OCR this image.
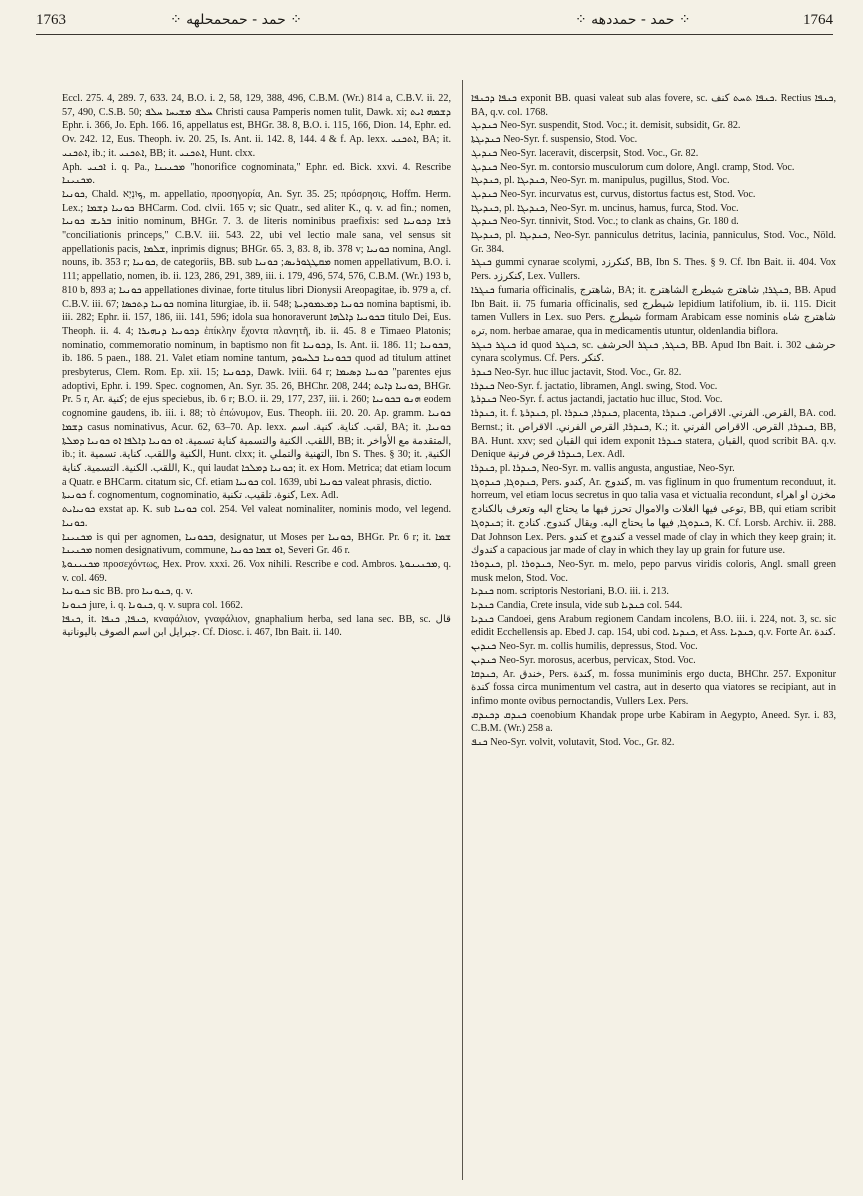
1763	⁘ حمد - حمحمحلهه ⁘	⁘ حمد - حمددهه ⁘	1764

Eccl. 275. 4, 289. 7, 633. 24, B.O. i. 2, 58, 129, 388, 496, C.B.M. (Wr.) 814 a, C.B.V. ii. 22, 57, 490, C.S.B. 50; ܚܠܦ ܡܫܝܚܐ ܚܠܦ Christi causa Pamperis nomen tulit, Dawk. xi; ܕܫܡܗ ܐܝܬ Ephr. i. 366, Jo. Eph. 166. 16, appellatus est, BHGr. 38. 8, B.O. i. 115, 166, Dion. 14, Ephr. ed. Ov. 242. 12, Eus. Theoph. iv. 20. 25, Is. Ant. ii. 142. 8, 144. 4 & f. Ap. lexx. ܐܬܟܢܝ, BA; it. ܐܬܟܢܝ, ib.; it. ܐܬܟܢܝ, BB; it. ܐܬܟܢܝ, Hunt. clxx.

Aph. ܐܟܢܝ i. q. Pa., ܡܟܢܝܢܐ "honorifice cognominata," Ephr. ed. Bick. xxvi. 4. Rescribe ܡܟܢܝܢܐ.

ܟܘܢܝܐ, Chald. ܟּוּנְיָא, m. appellatio, προσηγορία, An. Syr. 35. 25; πρόσρησις, Hoffm. Herm. Lex.; ܟܘܢܝܐ ܕܫܡܐ BHCarm. Cod. clvii. 165 v; sic Quatr., sed aliter K., q. v. ad fin.; nomen, ܒܪܝܫ ܟܘܢܝܐ initio nominum, BHGr. 7. 3. de literis nominibus praefixis: sed ܪܫܐ ܕܟܘܢܝܐ "conciliationis princeps," C.B.V. iii. 543. 22, ubi vel lectio male sana, vel sensus sit appellationis pacis, ܫܠܡܐ, inprimis dignus; BHGr. 65. 3, 83. 8, ib. 378 v; ܟܘܢܝܐ nomina, Angl. nouns, ib. 353 r; ܟܘܢܝܐ, de categoriis, BB. sub ܡܩܛܓܘܪܝܣ; ܟܘܢܝܐ nomen appellativum, B.O. i. 111; appellatio, nomen, ib. ii. 123, 286, 291, 389, iii. i. 179, 496, 574, 576, C.B.M. (Wr.) 193 b, 810 b, 893 a; ܟܘܢܝܐ appellationes divinae, forte titulus libri Dionysii Areopagitae, ib. 979 a, cf. C.B.V. iii. 67; ܟܘܢܝܐ ܕܬܟܣܐ nomina liturgiae, ib. ii. 548; ܟܘܢܝܐ ܕܡܥܡܘܕܝܬܐ nomina baptismi, ib. iii. 282; Ephr. ii. 157, 186, iii. 141, 596; idola sua honoraverunt ܒܟܘܢܝܐ ܕܐܠܗܐ titulo Dei, Eus. Theoph. ii. 4. 4; ܕܟܘܢܝܐ ܕܢܗܝܪܐ ἐπίκλην ἔχοντα πλανητῆ, ib. ii. 45. 8 e Timaeo Platonis; nominatio, commemoratio nominum, in baptismo non fit ܕܟܘܢܝܐ, Is. Ant. ii. 186. 11; ܒܟܘܢܝܐ, ib. 186. 5 paen., 188. 21. Valet etiam nomine tantum, ܒܟܘܢܝܐ ܒܠܚܘܕ quod ad titulum attinet presbyterus, Clem. Rom. Ep. xii. 15; ܕܟܘܢܝܐ, Dawk. lviii. 64 r; ܟܘܢܝܐ ܕܣܝܡܐ "parentes ejus adoptivi, Ephr. i. 199. Spec. cognomen, An. Syr. 35. 26, BHChr. 208, 244; ܟܘܢܝܐ ܕܐܝܬ, BHGr. Pr. 5 r, Ar. كنية; de ejus speciebus, ib. 6 r; B.O. ii. 29, 177, 237, iii. i. 260; ܗܢܘ ܒܟܘܢܝܐ eodem cognomine gaudens, ib. iii. i. 88; τὸ ἐπώνυμον, Eus. Theoph. iii. 20. 20. Ap. gramm. ܟܘܢܝܐ ܕܫܡܐ casus nominativus, Acur. 62, 63–70. Ap. lexx. لقب. كناية. كنية. اسم, BA; it. ܟܘܢܝܐ, اللقب. الكنية والتسمية كناية تسمية. ܐܘ ܟܘܢܝܐ ܕܐܠܦܐ ܐܘ ܟܘܢܝܐ ܕܡܠܬܐ, BB; it. المتقدمة مع الأواخر, ib.; it. الكنية واللقب. كناية. تسمية, Hunt. clxx; it. التهنية والتملي, Ibn S. Thes. § 30; it. الكنية, اللقب. الكنية. التسمية. كناية, K., qui laudat ܟܘܢܝܐ ܕܡܠܟܐ; it. ex Hom. Metrica; dat etiam locum a Quatr. e BHCarm. citatum sic, Cf. etiam ܟܘܢܝܐ col. 1639, ubi ܟܘܢܝܐ valeat phrasis, dictio.

ܟܘܢܝܬܐ f. cognomentum, cognominatio, كنوة. تلقيب. تكنية, Lex. Adl.

ܟܘܢܝܐܝܬ exstat ap. K. sub ܟܘܢܝܐ col. 254. Vel valeat nominaliter, nominis modo, vel legend. ܟܘܢܝܐ.

ܡܟܢܝܢܐ is qui per agnomen, ܒܟܘܢܝܐ, designatur, ut Moses per ܟܘܢܝܐ, BHGr. Pr. 6 r; it. ܫܡܐ ܡܟܢܝܢܐ nomen designativum, commune, ܐܘ ܫܡܐ ܟܘܢܝܐ, Severi Gr. 46 r.

ܡܟܢܝܢܘܬܐ προσεχόντως, Hex. Prov. xxxi. 26. Vox nihili. Rescribe e cod. Ambros. ܡܟܢܝܢܘܬܐ, q. v. col. 469.

ܟܢܘܢܝܐ sic BB. pro ܟܢܘܢܝܐ, q. v.

ܟܢܘܢܐ jure, i. q. ܟܢܘܢܐ, q. v. supra col. 1662.

ܟܢܦܐ, it. ܟܢܦܐ, ܟܢܦܐ, κναφάλιον, γναφάλιον, gnaphalium herba, sed lana sec. BB, sc. قال جبرايل ابن اسم الصوف باليونانية. Cf. Diosc. i. 467, Ibn Bait. ii. 140.

ܟܢܦܐ ܕܟܢܦܐ exponit BB. quasi valeat sub alas fovere, sc. ܟܢܦܐ ܬܚܬ كنف. Rectius ܟܢܦܐ, BA, q.v. col. 1768.

ܟܢܕܝܓ Neo-Syr. suspendit, Stod. Voc.; it. demisit, subsidit, Gr. 82.

ܟܢܕܝܓܬܐ Neo-Syr. f. suspensio, Stod. Voc.

ܟܢܕܝܓ Neo-Syr. laceravit, discerpsit, Stod. Voc., Gr. 82.

ܟܢܕܝܓ Neo-Syr. m. contorsio musculorum cum dolore, Angl. cramp, Stod. Voc.

ܟܢܕܝܓܐ, pl. ܟܢܕܝܓܐ, Neo-Syr. m. manipulus, pugillus, Stod. Voc.

ܟܢܕܝܓ Neo-Syr. incurvatus est, curvus, distortus factus est, Stod. Voc.

ܟܢܕܝܓܐ, pl. ܟܢܕܝܓܐ, Neo-Syr. m. uncinus, hamus, furca, Stod. Voc.

ܟܢܕܝܓ Neo-Syr. tinnivit, Stod. Voc.; to clank as chains, Gr. 180 d.

ܟܢܕܝܓܐ, pl. ܟܢܕܝܓܐ, Neo-Syr. panniculus detritus, lacinia, panniculus, Stod. Voc., Nöld. Gr. 384.

ܟܢܓܪ gummi cynarae scolymi, كنكرزد, BB, Ibn S. Thes. § 9. Cf. Ibn Bait. ii. 404. Vox Pers. كنكرزد, Lex. Vullers.

ܟܢܓܪܐ fumaria officinalis, شاهترج, BA; it. ܟܢܓܪܐ, شاهترج شيطرج الشاهترج, BB. Apud Ibn Bait. ii. 75 fumaria officinalis, sed شيطرج lepidium latifolium, ib. ii. 115. Dicit tamen Vullers in Lex. suo Pers. شيطرج formam Arabicam esse nominis شاهترج شاه تره, nom. herbae amarae, qua in medicamentis utuntur, oldenlandia biflora.

ܟܢܓܪ ܟܢܓܪ id quod ܟܢܓܪ, sc. ܟܢܓܪ, ܟܢܓܪ الحرشف, BB. Apud Ibn Bait. i. 302 حرشف cynara scolymus. Cf. Pers. كنكر.

ܟܢܕܪ Neo-Syr. huc illuc jactavit, Stod. Voc., Gr. 82.

ܟܢܕܪܐ Neo-Syr. f. jactatio, libramen, Angl. swing, Stod. Voc.

ܟܢܕܪܬܐ Neo-Syr. f. actus jactandi, jactatio huc illuc, Stod. Voc.

ܟܢܕܪܐ, it. f. ܟܢܕܪܬܐ, pl. ܟܢܕܪܐ, ܟܢܕܪܐ, placenta, القرص. الفرني. الاقراص. ܟܢܕܪܐ, BA. cod. Bernst.; it. ܟܢܕܪܐ, القرص الفرني. الاقراص, K.; it. ܟܢܕܪܐ, القرص. الاقراص الفرني, BB, BA. Hunt. xxv; sed القبان qui idem exponit ܟܢܕܪܐ statera, القبان, quod scribit BA. q.v. Denique ܟܢܕܪܐ قرص فرنية, Lex. Adl.

ܟܢܕܪܐ, pl. ܟܢܕܪܐ, Neo-Syr. m. vallis angusta, angustiae, Neo-Syr.

ܟܢܕܘܓܐ, ܟܢܕܘܓܐ, Pers. كندو, Ar. كندوج, m. vas figlinum in quo frumentum reconduut, it. horreum, vel etiam locus secretus in quo talia vasa et victualia recondunt, مخزن او اهراء توعى فيها الغلات والاموال تحرز فيها ما يحتاج اليه وتعرف بالكنادج, BB, qui etiam scribit ܟܢܕܘܓܐ; it. ܟܢܕܘܓܐ, فيها ما يحتاج اليه. ويقال كندوج. كنادج, K. Cf. Lorsb. Archiv. ii. 288. Dat Johnson Lex. Pers. كندو et كندوج a vessel made of clay in which they keep grain; it. كندوك a capacious jar made of clay in which they lay up grain for future use.

ܟܢܕܘܪܐ, pl. ܟܢܕܘܪܐ, Neo-Syr. m. melo, pepo parvus viridis coloris, Angl. small green musk melon, Stod. Voc.

ܟܢܕܝܐ nom. scriptoris Nestoriani, B.O. iii. i. 213.

ܟܢܕܝܐ Candia, Crete insula, vide sub ܟܢܕܝܐ col. 544.

ܟܢܕܝܐ Candoei, gens Arabum regionem Candam incolens, B.O. iii. i. 224, not. 3, sc. sic edidit Ecchellensis ap. Ebed J. cap. 154, ubi cod. ܟܢܕܝܐ, et Ass. ܟܢܕܝܐ, q.v. Forte Ar. كندة.

ܟܢܕܝܢ Neo-Syr. m. collis humilis, depressus, Stod. Voc.

ܟܢܕܝܢ Neo-Syr. morosus, acerbus, pervicax, Stod. Voc.

ܟܢܕܩܐ, Ar. خندق, Pers. كندة, m. fossa muniminis ergo ducta, BHChr. 257. Exponitur كندة fossa circa munimentum vel castra, aut in deserto qua viatores se recipiant, aut in infimo monte ovibus pernoctandis, Vullers Lex. Pers.

ܟܢܕܩ ܕܟܢܕܩ coenobium Khandak prope urbe Kabiram in Aegypto, Aneed. Syr. i. 83, C.B.M. (Wr.) 258 a.

ܟܢܦ Neo-Syr. volvit, volutavit, Stod. Voc., Gr. 82.
